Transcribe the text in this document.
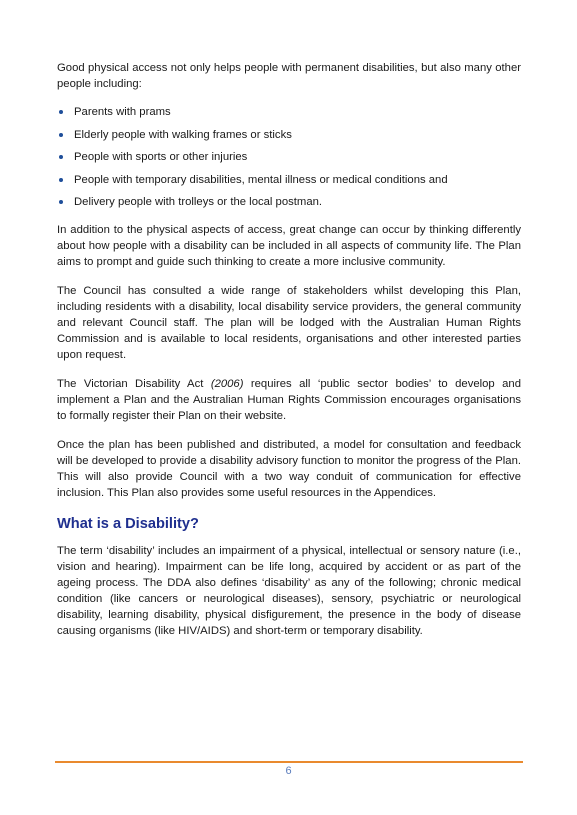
Good physical access not only helps people with permanent disabilities, but also many other people including:

Parents with prams
Elderly people with walking frames or sticks
People with sports or other injuries
People with temporary disabilities, mental illness or medical conditions and
Delivery people with trolleys or the local postman.

In addition to the physical aspects of access, great change can occur by thinking differently about how people with a disability can be included in all aspects of community life. The Plan aims to prompt and guide such thinking to create a more inclusive community.

The Council has consulted a wide range of stakeholders whilst developing this Plan, including residents with a disability, local disability service providers, the general community and relevant Council staff. The plan will be lodged with the Australian Human Rights Commission and is available to local residents, organisations and other interested parties upon request.

The Victorian Disability Act (2006) requires all ‘public sector bodies’ to develop and implement a Plan and the Australian Human Rights Commission encourages organisations to formally register their Plan on their website.

Once the plan has been published and distributed, a model for consultation and feedback will be developed to provide a disability advisory function to monitor the progress of the Plan. This will also provide Council with a two way conduit of communication for effective inclusion. This Plan also provides some useful resources in the Appendices.

What is a Disability?

The term ‘disability’ includes an impairment of a physical, intellectual or sensory nature (i.e., vision and hearing). Impairment can be life long, acquired by accident or as part of the ageing process. The DDA also defines ‘disability’ as any of the following; chronic medical condition (like cancers or neurological diseases), sensory, psychiatric or neurological disability, learning disability, physical disfigurement, the presence in the body of disease causing organisms (like HIV/AIDS) and short-term or temporary disability.

6
